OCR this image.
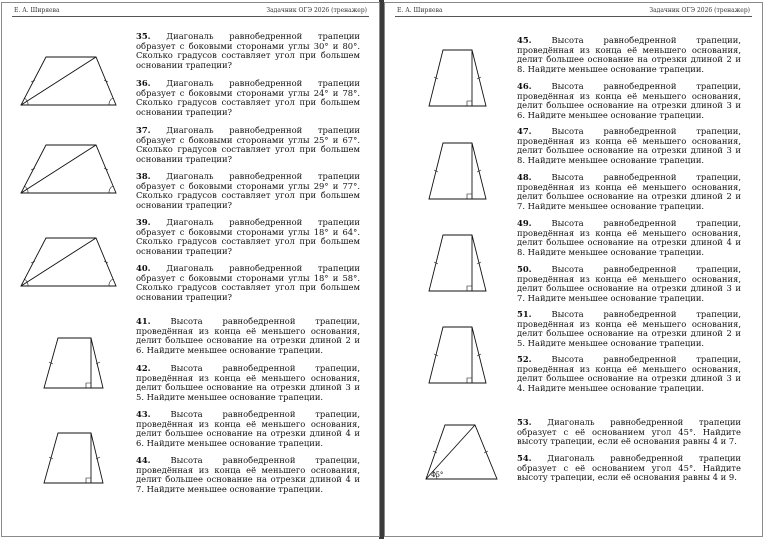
Е. А. Ширяева	Задачник ОГЭ 2026 (тренажер)
35. Диагональ равнобедренной трапеции образует с боковыми сторонами углы 30° и 80°. Сколько градусов составляет угол при большем основании трапеции?
36. Диагональ равнобедренной трапеции образует с боковыми сторонами углы 24° и 78°. Сколько градусов составляет угол при большем основании трапеции?
37. Диагональ равнобедренной трапеции образует с боковыми сторонами углы 25° и 67°. Сколько градусов составляет угол при большем основании трапеции?
38. Диагональ равнобедренной трапеции образует с боковыми сторонами углы 29° и 77°. Сколько градусов составляет угол при большем основании трапеции?
39. Диагональ равнобедренной трапеции образует с боковыми сторонами углы 18° и 64°. Сколько градусов составляет угол при большем основании трапеции?
40. Диагональ равнобедренной трапеции образует с боковыми сторонами углы 18° и 58°. Сколько градусов составляет угол при большем основании трапеции?
41. Высота равнобедренной трапеции, проведённая из конца её меньшего основания, делит большее основание на отрезки длиной 2 и 6. Найдите меньшее основание трапеции.
42. Высота равнобедренной трапеции, проведённая из конца её меньшего основания, делит большее основание на отрезки длиной 3 и 5. Найдите меньшее основание трапеции.
43. Высота равнобедренной трапеции, проведённая из конца её меньшего основания, делит большее основание на отрезки длиной 4 и 6. Найдите меньшее основание трапеции.
44. Высота равнобедренной трапеции, проведённая из конца её меньшего основания, делит большее основание на отрезки длиной 4 и 7. Найдите меньшее основание трапеции.
Е. А. Ширяева	Задачник ОГЭ 2026 (тренажер)
45°
45. Высота равнобедренной трапеции, проведённая из конца её меньшего основания, делит большее основание на отрезки длиной 2 и 8. Найдите меньшее основание трапеции.
46. Высота равнобедренной трапеции, проведённая из конца её меньшего основания, делит большее основание на отрезки длиной 3 и 6. Найдите меньшее основание трапеции.
47. Высота равнобедренной трапеции, проведённая из конца её меньшего основания, делит большее основание на отрезки длиной 3 и 8. Найдите меньшее основание трапеции.
48. Высота равнобедренной трапеции, проведённая из конца её меньшего основания, делит большее основание на отрезки длиной 2 и 7. Найдите меньшее основание трапеции.
49. Высота равнобедренной трапеции, проведённая из конца её меньшего основания, делит большее основание на отрезки длиной 4 и 8. Найдите меньшее основание трапеции.
50. Высота равнобедренной трапеции, проведённая из конца её меньшего основания, делит большее основание на отрезки длиной 3 и 7. Найдите меньшее основание трапеции.
51. Высота равнобедренной трапеции, проведённая из конца её меньшего основания, делит большее основание на отрезки длиной 2 и 5. Найдите меньшее основание трапеции.
52. Высота равнобедренной трапеции, проведённая из конца её меньшего основания, делит большее основание на отрезки длиной 3 и 4. Найдите меньшее основание трапеции.
53. Диагональ равнобедренной трапеции образует с её основанием угол 45°. Найдите высоту трапеции, если её основания равны 4 и 7.
54. Диагональ равнобедренной трапеции образует с её основанием угол 45°. Найдите высоту трапеции, если её основания равны 4 и 9.
